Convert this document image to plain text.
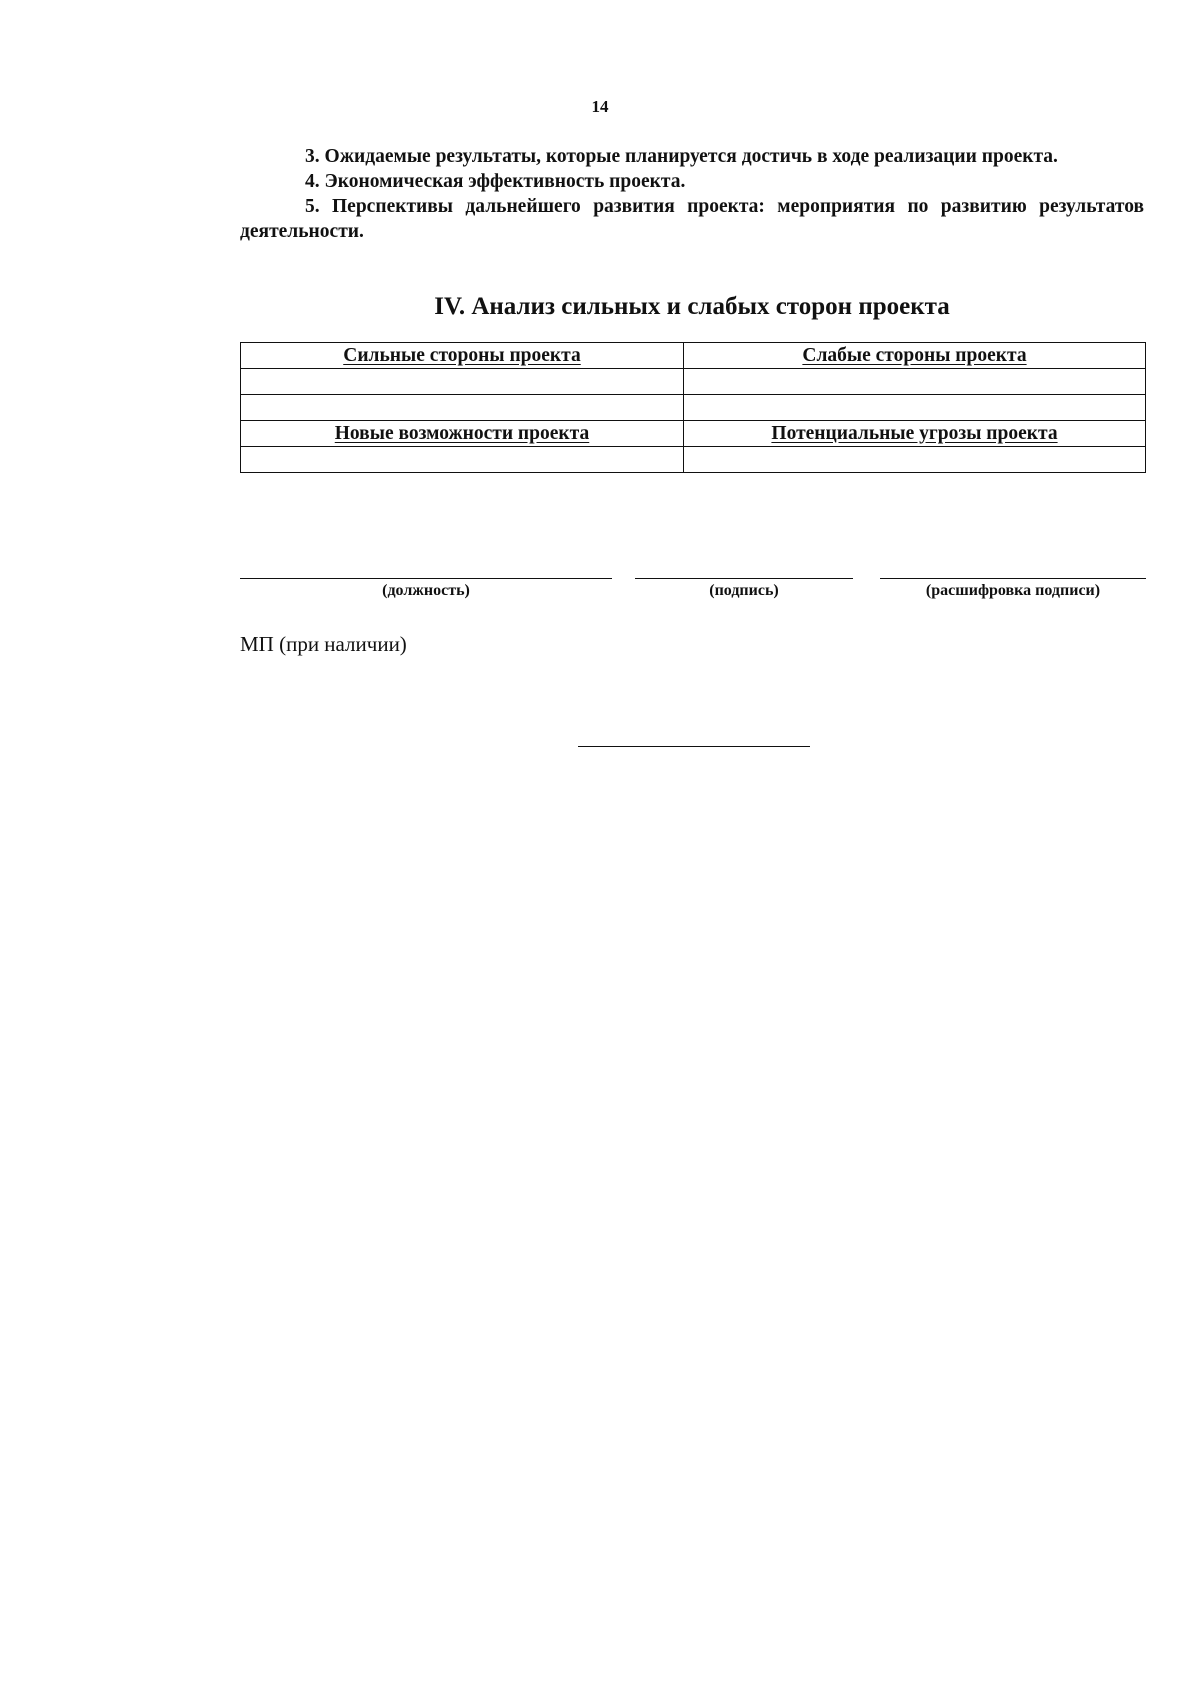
14

3. Ожидаемые результаты, которые планируется достичь в ходе реализации проекта.

4. Экономическая эффективность проекта.

5. Перспективы дальнейшего развития проекта: мероприятия по развитию результатов деятельности.

IV. Анализ сильных и слабых сторон проекта
Сильные стороны проекта	Слабые стороны проекта

Новые возможности проекта	Потенциальные угрозы проекта

(должность)	(подпись)	(расшифровка подписи)
МП (при наличии)
